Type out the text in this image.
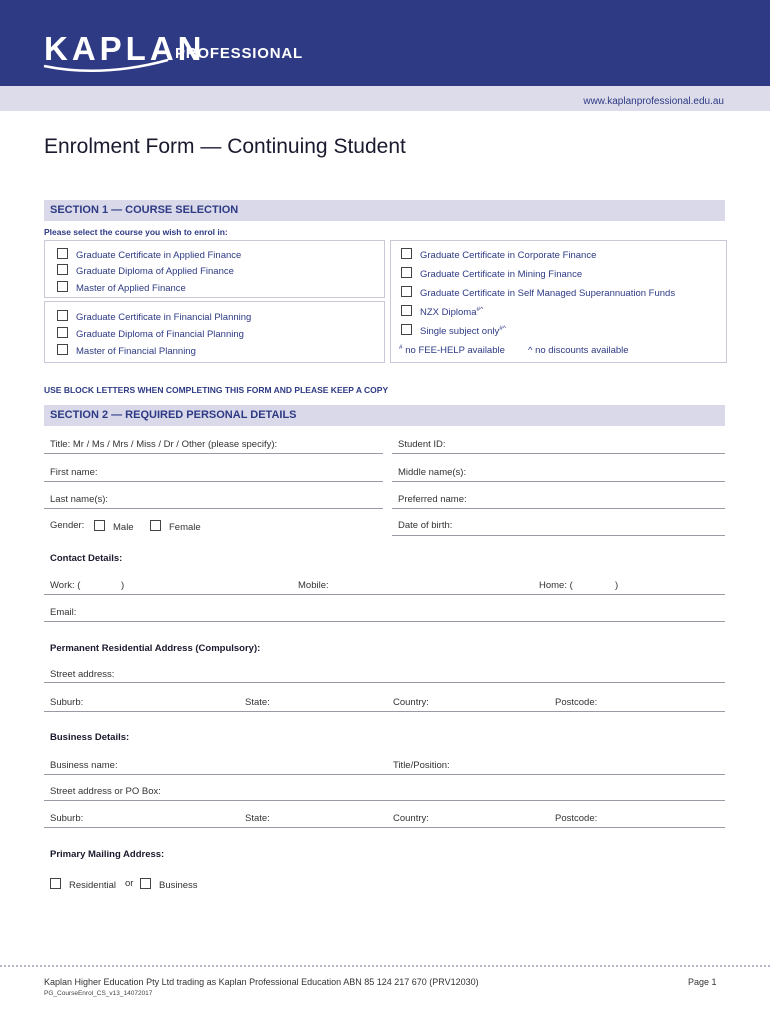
KAPLAN
PROFESSIONAL
www.kaplanprofessional.edu.au
Enrolment Form — Continuing Student
SECTION 1 — COURSE SELECTION
Please select the course you wish to enrol in:
Graduate Certificate in Applied Finance
Graduate Diploma of Applied Finance
Master of Applied Finance
Graduate Certificate in Financial Planning
Graduate Diploma of Financial Planning
Master of Financial Planning
Graduate Certificate in Corporate Finance
Graduate Certificate in Mining Finance
Graduate Certificate in Self Managed Superannuation Funds
NZX Diploma#^
Single subject only#^
# no FEE-HELP available ^ no discounts available
USE BLOCK LETTERS WHEN COMPLETING THIS FORM AND PLEASE KEEP A COPY
SECTION 2 — REQUIRED PERSONAL DETAILS
Title: Mr / Ms / Mrs / Miss / Dr / Other (please specify):	Student ID:
First name:	Middle name(s):
Last name(s):	Preferred name:
Gender:	Male	Female	Date of birth:
Contact Details:
Work: (	)	Mobile:	Home: (	)
Email:
Permanent Residential Address (Compulsory):
Street address:
Suburb:	State:	Country:	Postcode:
Business Details:
Business name:	Title/Position:
Street address or PO Box:
Suburb:	State:	Country:	Postcode:
Primary Mailing Address:
Residential or	Business
Kaplan Higher Education Pty Ltd trading as Kaplan Professional Education ABN 85 124 217 670 (PRV12030)	Page 1
PG_CourseEnrol_CS_v13_14072017
